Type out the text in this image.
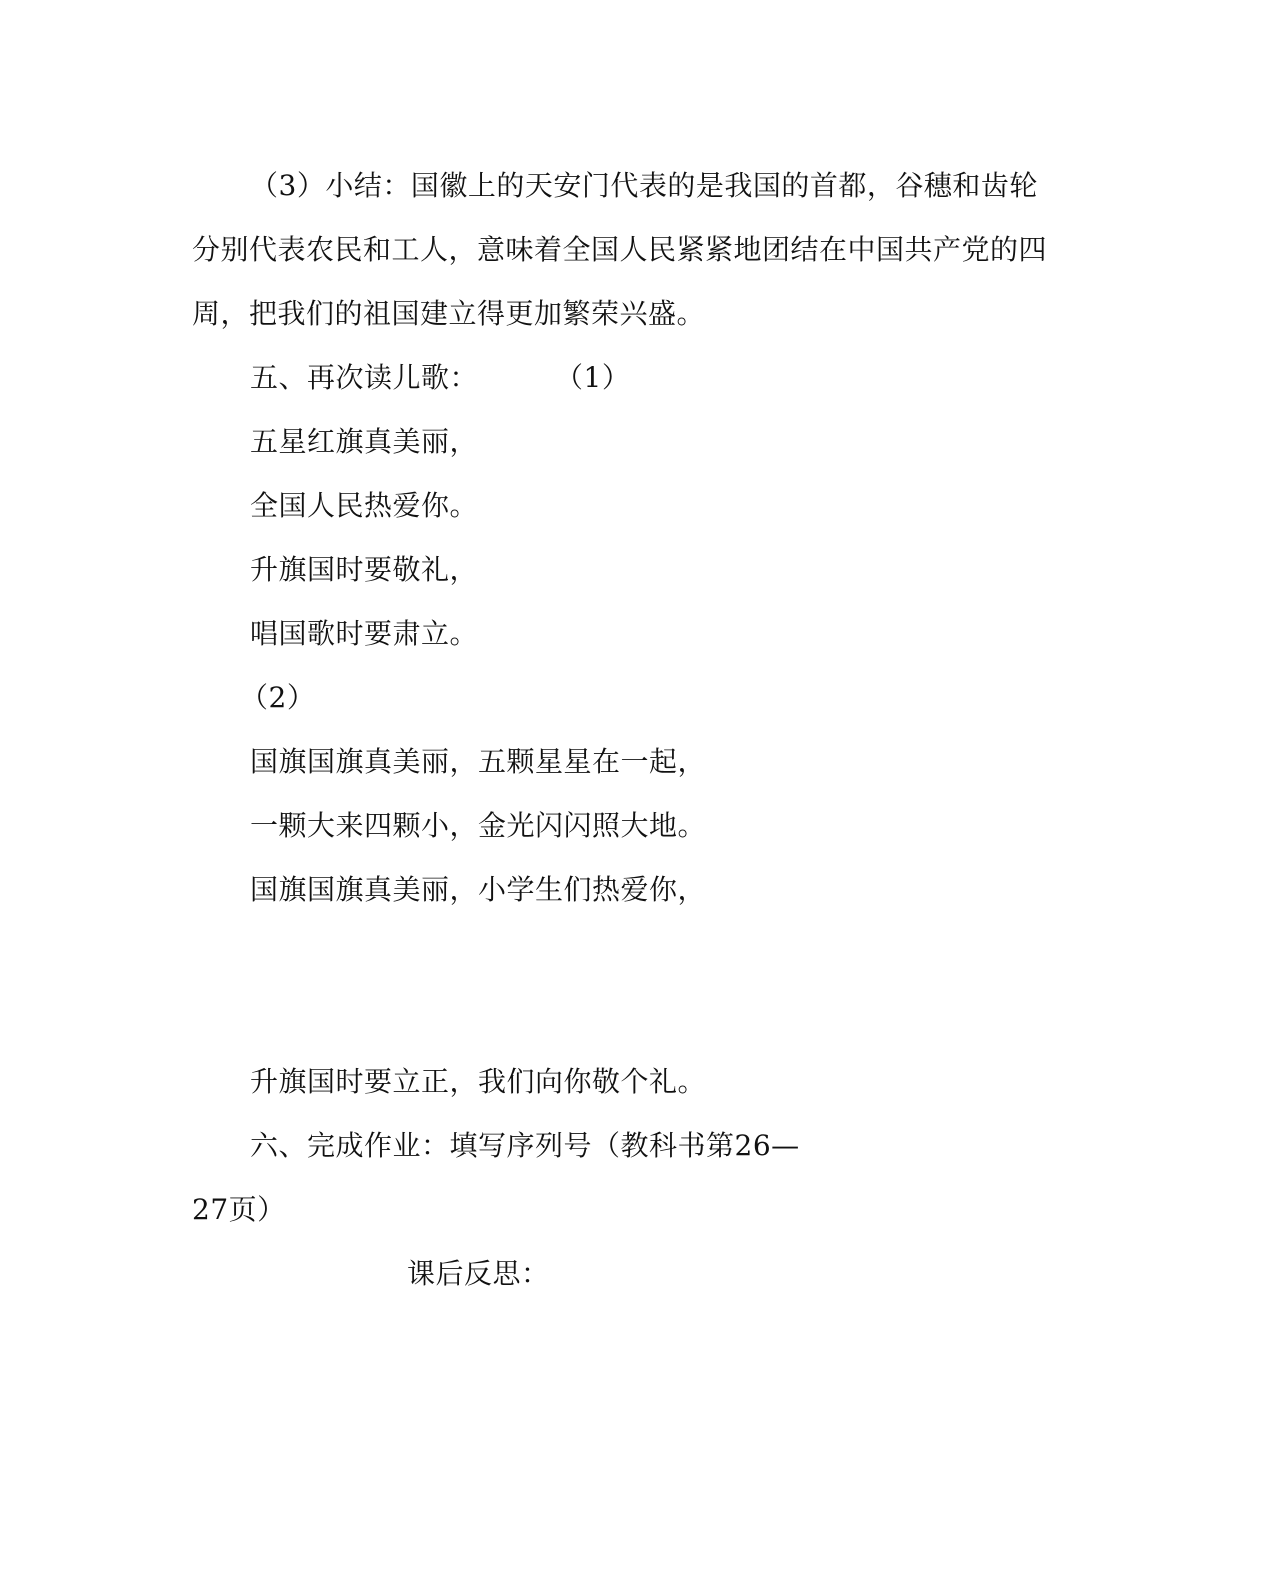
（3）小结：国徽上的天安门代表的是我国的首都，谷穗和齿轮
分别代表农民和工人，意味着全国人民紧紧地团结在中国共产党的四
周，把我们的祖国建立得更加繁荣兴盛。
五、再次读儿歌：	（1）
五星红旗真美丽，
全国人民热爱你。
升旗国时要敬礼，
唱国歌时要肃立。
（2）
国旗国旗真美丽，五颗星星在一起，
一颗大来四颗小，金光闪闪照大地。
国旗国旗真美丽，小学生们热爱你，
升旗国时要立正，我们向你敬个礼。
六、完成作业：填写序列号（教科书第26—
27页）
课后反思：
